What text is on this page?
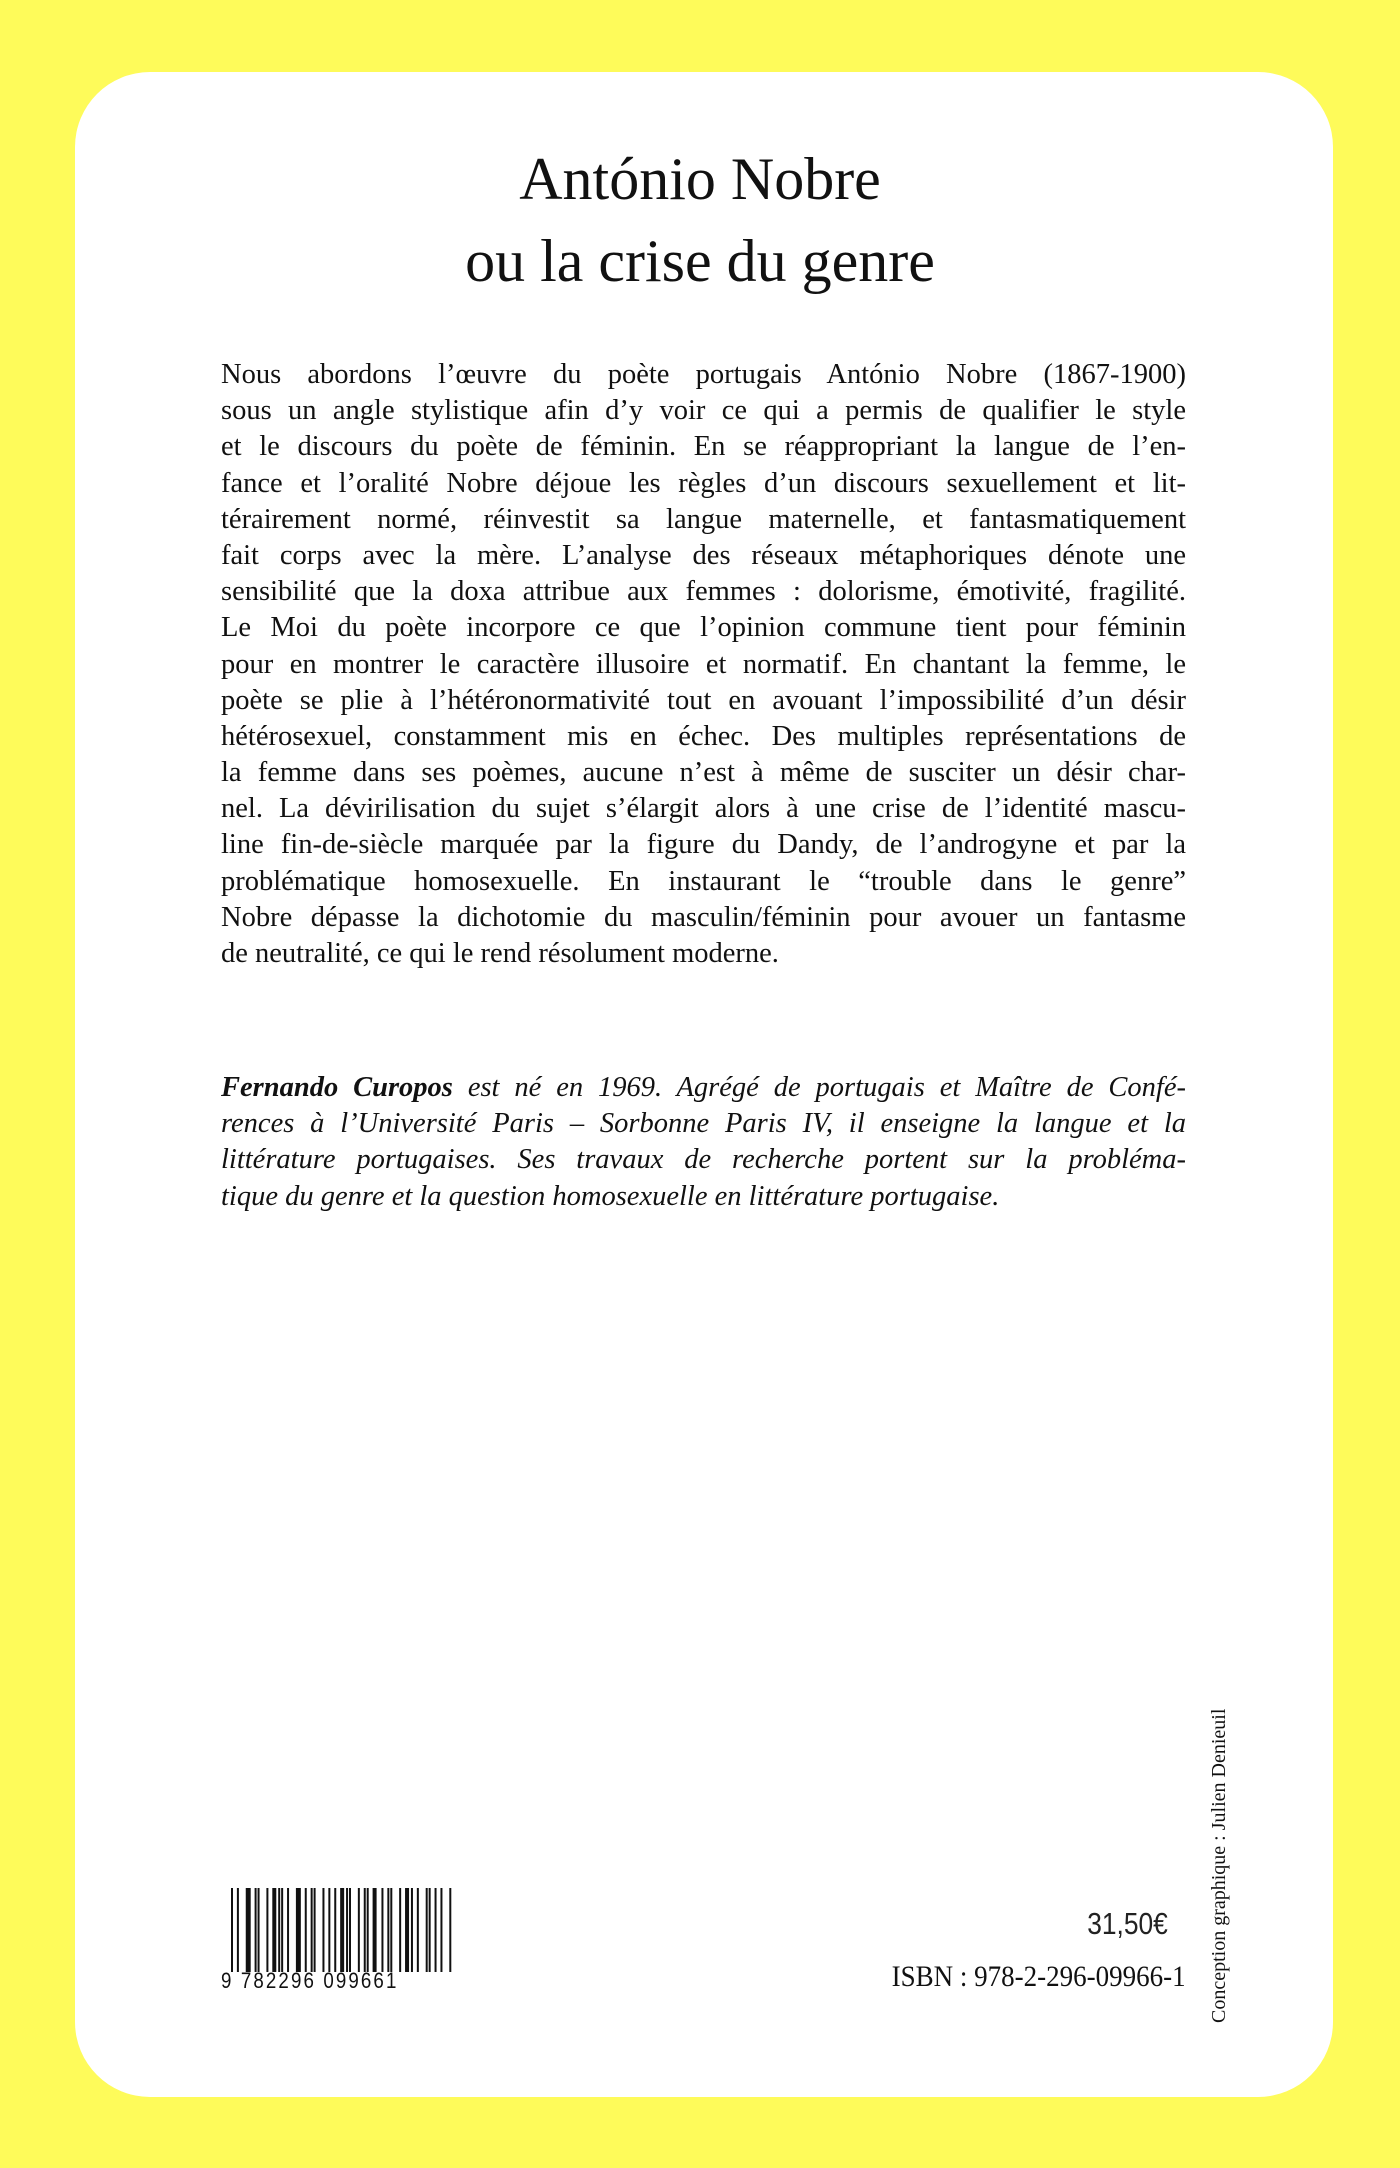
António Nobre
ou la crise du genre
Nous abordons l’œuvre du poète portugais António Nobre (1867-1900)
sous un angle stylistique afin d’y voir ce qui a permis de qualifier le style
et le discours du poète de féminin. En se réappropriant la langue de l’en-
fance et l’oralité Nobre déjoue les règles d’un discours sexuellement et lit-
térairement normé, réinvestit sa langue maternelle, et fantasmatiquement
fait corps avec la mère. L’analyse des réseaux métaphoriques dénote une
sensibilité que la doxa attribue aux femmes : dolorisme, émotivité, fragilité.
Le Moi du poète incorpore ce que l’opinion commune tient pour féminin
pour en montrer le caractère illusoire et normatif. En chantant la femme, le
poète se plie à l’hétéronormativité tout en avouant l’impossibilité d’un désir
hétérosexuel, constamment mis en échec. Des multiples représentations de
la femme dans ses poèmes, aucune n’est à même de susciter un désir char-
nel. La dévirilisation du sujet s’élargit alors à une crise de l’identité mascu-
line fin-de-siècle marquée par la figure du Dandy, de l’androgyne et par la
problématique homosexuelle. En instaurant le “trouble dans le genre”
Nobre dépasse la dichotomie du masculin/féminin pour avouer un fantasme
de neutralité, ce qui le rend résolument moderne.
Fernando Curopos est né en 1969. Agrégé de portugais et Maître de Confé-
rences à l’Université Paris – Sorbonne Paris IV, il enseigne la langue et la
littérature portugaises. Ses travaux de recherche portent sur la probléma-
tique du genre et la question homosexuelle en littérature portugaise.
9 782296 099661
31,50€
ISBN : 978-2-296-09966-1 Conception graphique : Julien Denieuil
